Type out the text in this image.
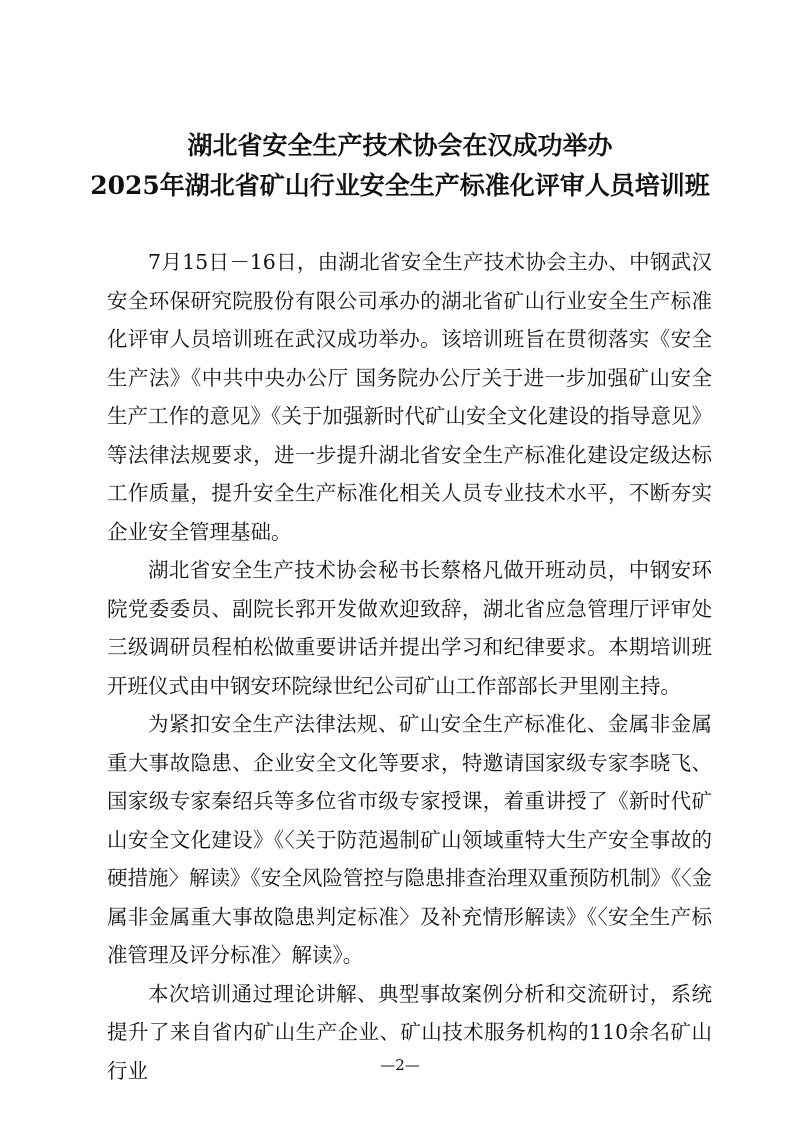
湖北省安全生产技术协会在汉成功举办
2025年湖北省矿山行业安全生产标准化评审人员培训班

7月15日－16日，由湖北省安全生产技术协会主办、中钢武汉安全环保研究院股份有限公司承办的湖北省矿山行业安全生产标准化评审人员培训班在武汉成功举办。该培训班旨在贯彻落实《安全生产法》《中共中央办公厅 国务院办公厅关于进一步加强矿山安全生产工作的意见》《关于加强新时代矿山安全文化建设的指导意见》等法律法规要求，进一步提升湖北省安全生产标准化建设定级达标工作质量，提升安全生产标准化相关人员专业技术水平，不断夯实企业安全管理基础。

湖北省安全生产技术协会秘书长蔡格凡做开班动员，中钢安环院党委委员、副院长郛开发做欢迎致辞，湖北省应急管理厅评审处三级调研员程柏松做重要讲话并提出学习和纪律要求。本期培训班开班仪式由中钢安环院绿世纪公司矿山工作部部长尹里刚主持。

为紧扣安全生产法律法规、矿山安全生产标准化、金属非金属重大事故隐患、企业安全文化等要求，特邀请国家级专家李晓飞、国家级专家秦绍兵等多位省市级专家授课，着重讲授了《新时代矿山安全文化建设》《〈关于防范遏制矿山领域重特大生产安全事故的硬措施〉解读》《安全风险管控与隐患排查治理双重预防机制》《〈金属非金属重大事故隐患判定标准〉及补充情形解读》《〈安全生产标准管理及评分标准〉解读》。

本次培训通过理论讲解、典型事故案例分析和交流研讨，系统提升了来自省内矿山生产企业、矿山技术服务机构的110余名矿山行业	—2—
